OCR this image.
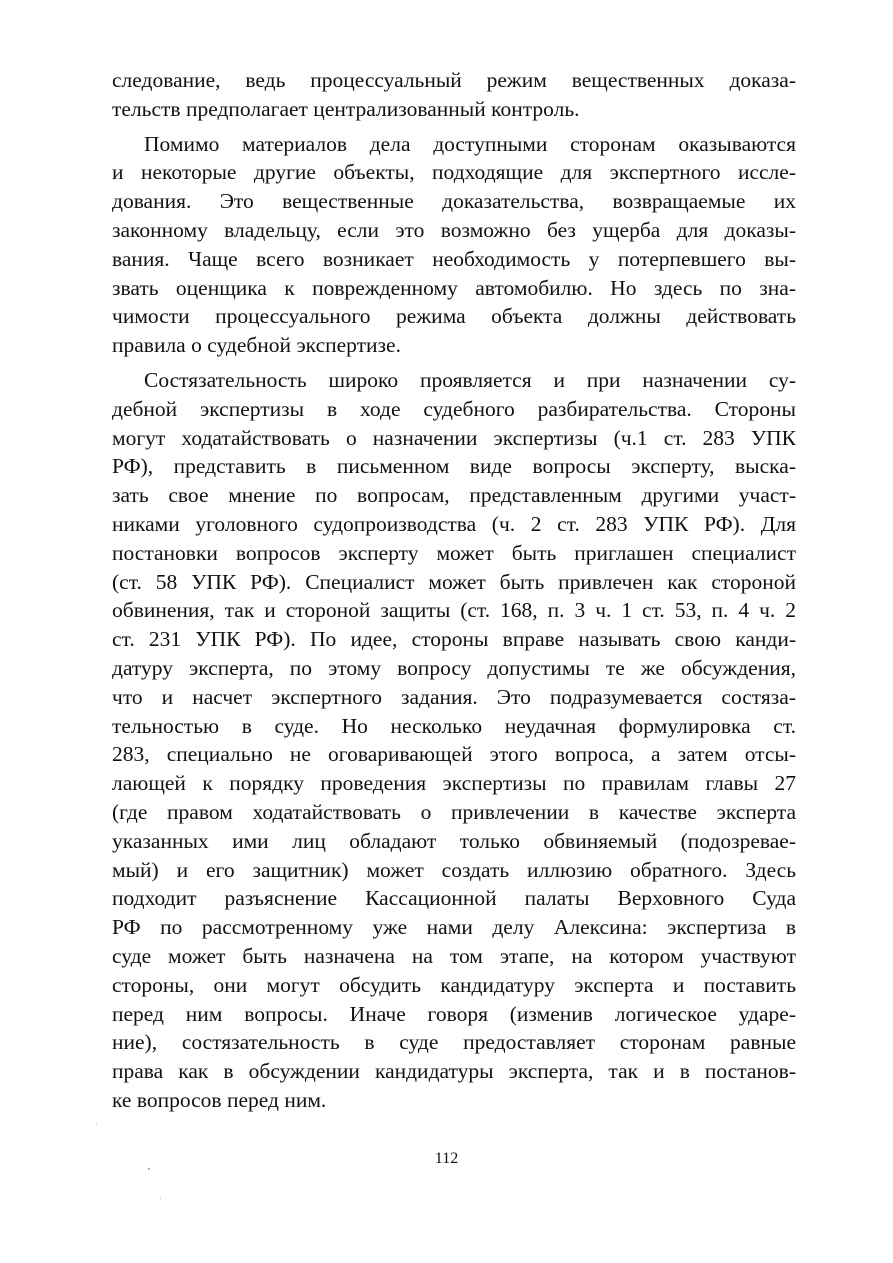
следование, ведь процессуальный режим вещественных доказа-
тельств предполагает централизованный контроль.
Помимо материалов дела доступными сторонам оказываются
и некоторые другие объекты, подходящие для экспертного иссле-
дования. Это вещественные доказательства, возвращаемые их
законному владельцу, если это возможно без ущерба для доказы-
вания. Чаще всего возникает необходимость у потерпевшего вы-
звать оценщика к поврежденному автомобилю. Но здесь по зна-
чимости процессуального режима объекта должны действовать
правила о судебной экспертизе.
Состязательность широко проявляется и при назначении су-
дебной экспертизы в ходе судебного разбирательства. Стороны
могут ходатайствовать о назначении экспертизы (ч.1 ст. 283 УПК
РФ), представить в письменном виде вопросы эксперту, выска-
зать свое мнение по вопросам, представленным другими участ-
никами уголовного судопроизводства (ч. 2 ст. 283 УПК РФ). Для
постановки вопросов эксперту может быть приглашен специалист
(ст. 58 УПК РФ). Специалист может быть привлечен как стороной
обвинения, так и стороной защиты (ст. 168, п. 3 ч. 1 ст. 53, п. 4 ч. 2
ст. 231 УПК РФ). По идее, стороны вправе называть свою канди-
датуру эксперта, по этому вопросу допустимы те же обсуждения,
что и насчет экспертного задания. Это подразумевается состяза-
тельностью в суде. Но несколько неудачная формулировка ст.
283, специально не оговаривающей этого вопроса, а затем отсы-
лающей к порядку проведения экспертизы по правилам главы 27
(где правом ходатайствовать о привлечении в качестве эксперта
указанных ими лиц обладают только обвиняемый (подозревае-
мый) и его защитник) может создать иллюзию обратного. Здесь
подходит разъяснение Кассационной палаты Верховного Суда
РФ по рассмотренному уже нами делу Алексина: экспертиза в
суде может быть назначена на том этапе, на котором участвуют
стороны, они могут обсудить кандидатуру эксперта и поставить
перед ним вопросы. Иначе говоря (изменив логическое ударе-
ние), состязательность в суде предоставляет сторонам равные
права как в обсуждении кандидатуры эксперта, так и в постанов-
ке вопросов перед ним.
112
